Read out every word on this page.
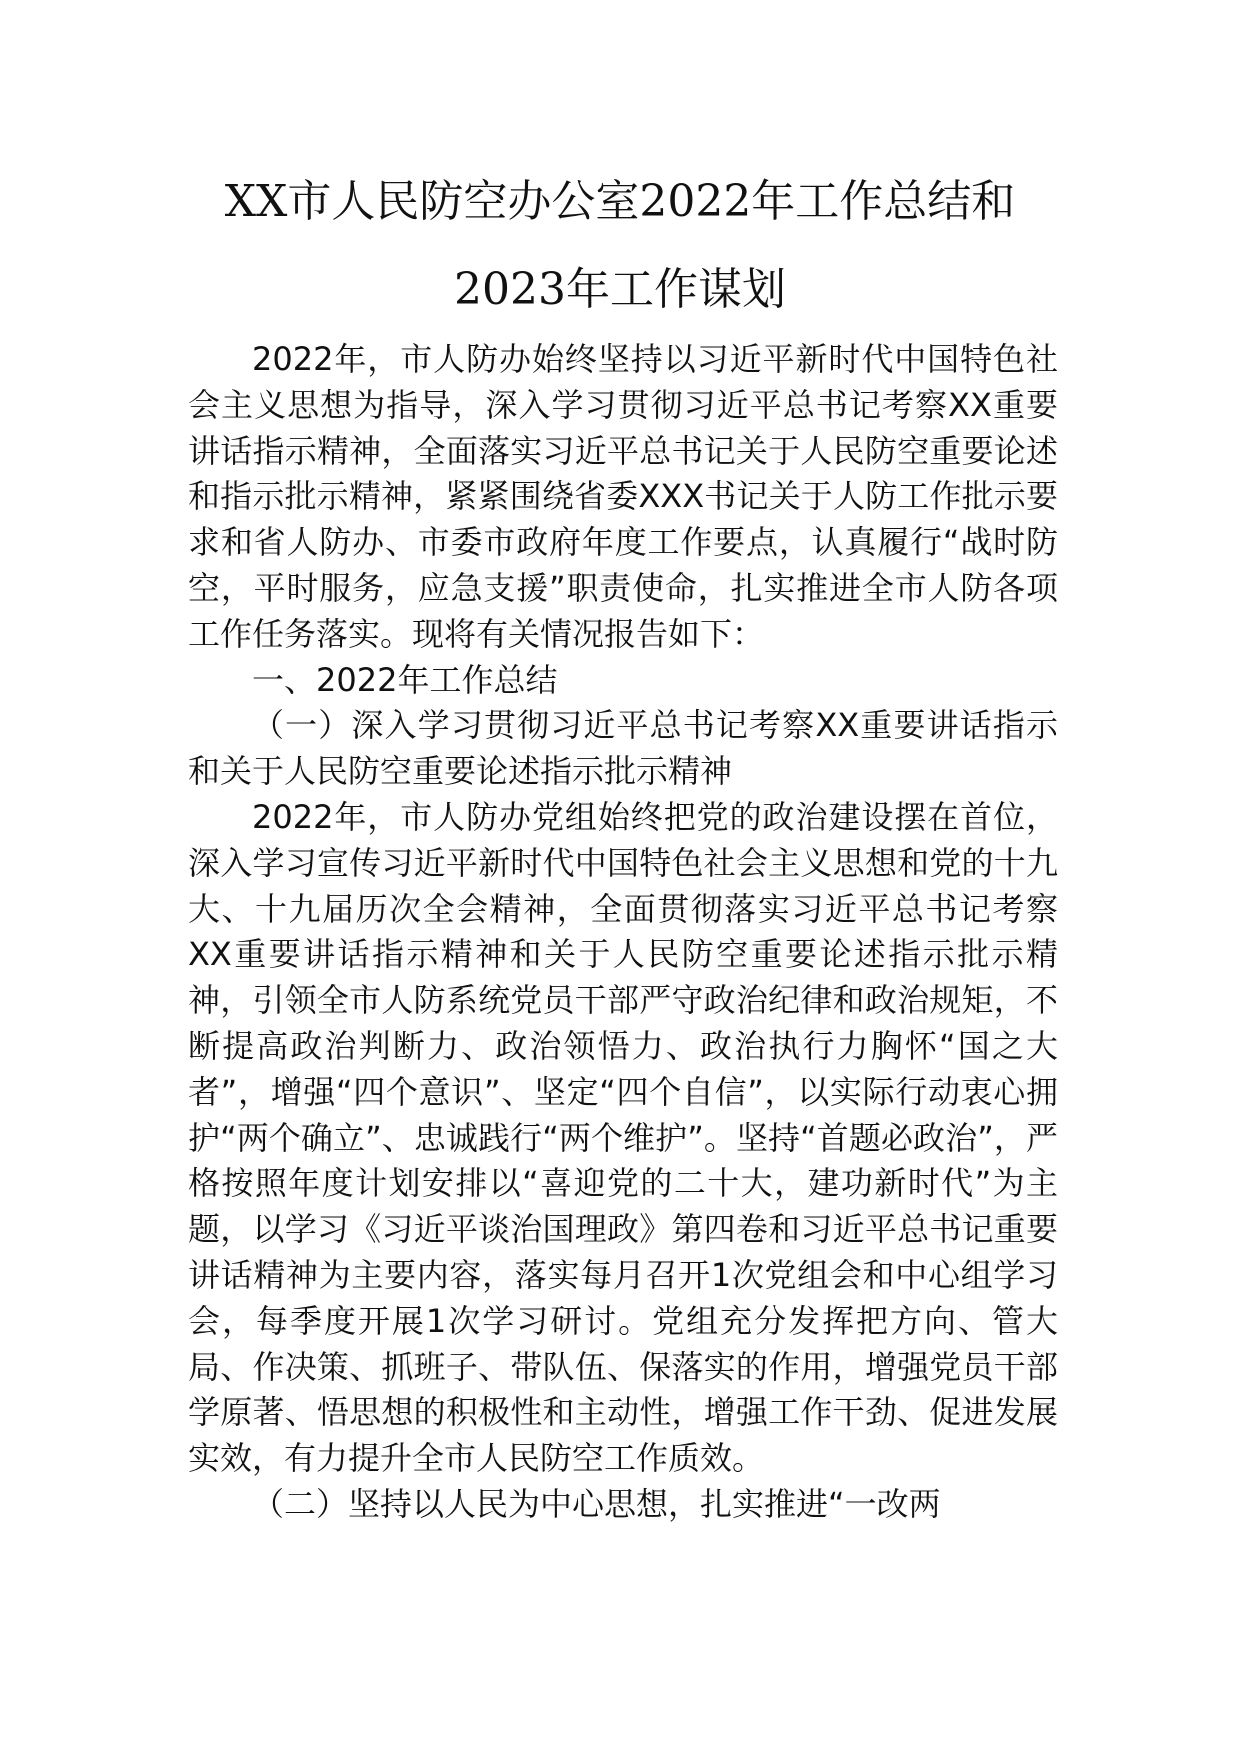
XX市人民防空办公室2022年工作总结和
2023年工作谋划

2022年，市人防办始终坚持以习近平新时代中国特色社会主义思想为指导，深入学习贯彻习近平总书记考察XX重要讲话指示精神，全面落实习近平总书记关于人民防空重要论述和指示批示精神，紧紧围绕省委XXX书记关于人防工作批示要求和省人防办、市委市政府年度工作要点，认真履行“战时防空，平时服务，应急支援”职责使命，扎实推进全市人防各项工作任务落实。现将有关情况报告如下：

一、2022年工作总结

（一）深入学习贯彻习近平总书记考察XX重要讲话指示和关于人民防空重要论述指示批示精神

2022年，市人防办党组始终把党的政治建设摆在首位，深入学习宣传习近平新时代中国特色社会主义思想和党的十九大、十九届历次全会精神，全面贯彻落实习近平总书记考察XX重要讲话指示精神和关于人民防空重要论述指示批示精神，引领全市人防系统党员干部严守政治纪律和政治规矩，不断提高政治判断力、政治领悟力、政治执行力胸怀“国之大者”，增强“四个意识”、坚定“四个自信”，以实际行动衷心拥护“两个确立”、忠诚践行“两个维护”。坚持“首题必政治”，严格按照年度计划安排以“喜迎党的二十大，建功新时代”为主题，以学习《习近平谈治国理政》第四卷和习近平总书记重要讲话精神为主要内容，落实每月召开1次党组会和中心组学习会，每季度开展1次学习研讨。党组充分发挥把方向、管大局、作决策、抓班子、带队伍、保落实的作用，增强党员干部学原著、悟思想的积极性和主动性，增强工作干劲、促进发展实效，有力提升全市人民防空工作质效。

（二）坚持以人民为中心思想，扎实推进“一改两
